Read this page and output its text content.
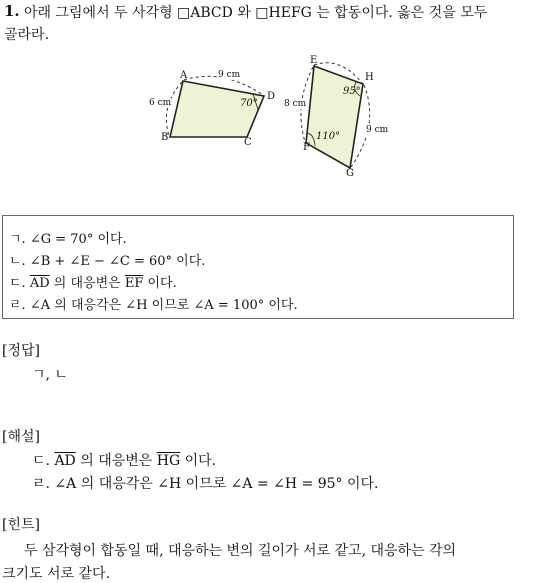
1. 아래 그림에서 두 사각형 □ABCD 와 □HEFG 는 합동이다. 옳은 것을 모두
골라라.
A
B	C
D
9 cm
6 cm	70°
E
H
F
G
8 cm
9 cm
95°
110°
ㄱ. ∠G = 70° 이다.
ㄴ. ∠B + ∠E − ∠C = 60° 이다.
ㄷ. $\overline{AD}$ 의 대응변은 $\overline{EF}$ 이다.
ㄹ. ∠A 의 대응각은 ∠H 이므로 ∠A = 100° 이다.
[정답]
ㄱ, ㄴ
[해설]
ㄷ. $\overline{AD}$ 의 대응변은 $\overline{HG}$ 이다.
ㄹ. ∠A 의 대응각은 ∠H 이므로 ∠A = ∠H = 95° 이다.
[힌트]
두 삼각형이 합동일 때, 대응하는 변의 길이가 서로 같고, 대응하는 각의
크기도 서로 같다.
